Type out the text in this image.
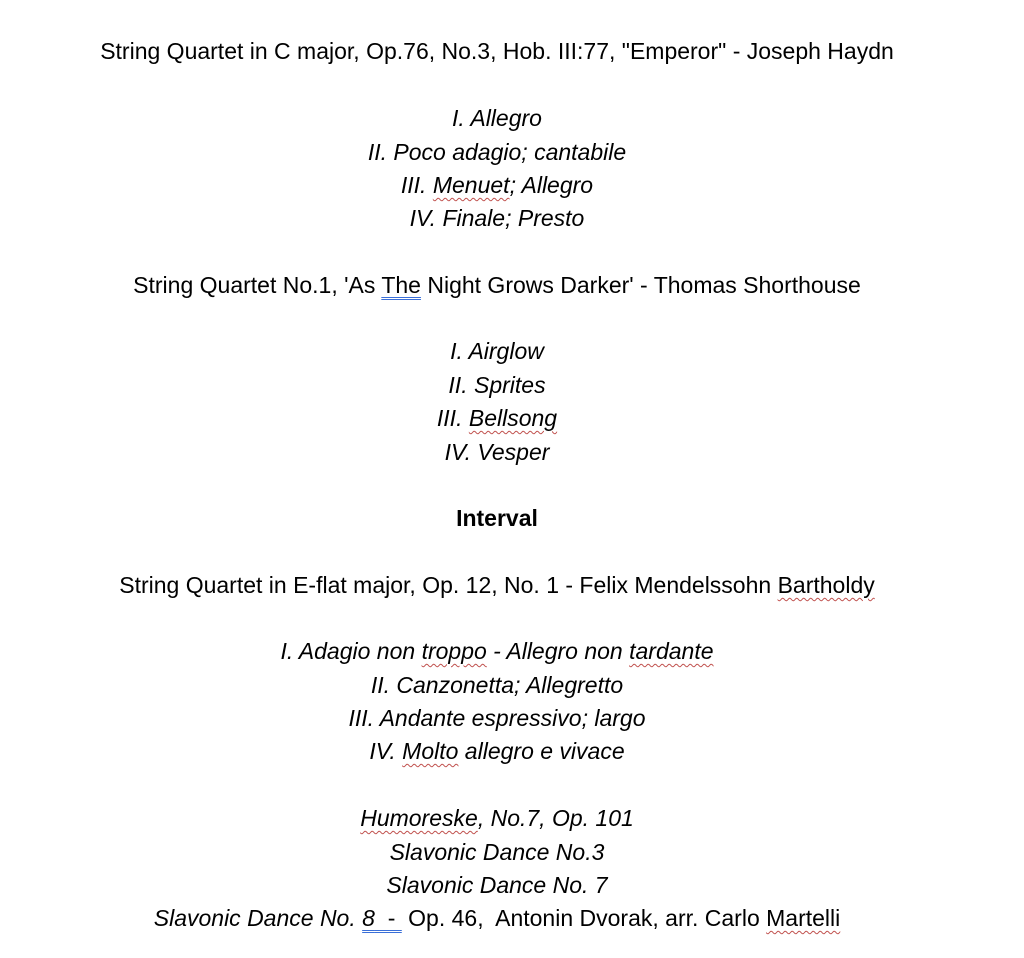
String Quartet in C major, Op.76, No.3, Hob. III:77, "Emperor" - Joseph Haydn
I. Allegro
II. Poco adagio; cantabile
III. Menuet; Allegro
IV. Finale; Presto
String Quartet No.1, 'As The Night Grows Darker' - Thomas Shorthouse
I. Airglow
II. Sprites
III. Bellsong
IV. Vesper
Interval
String Quartet in E-flat major, Op. 12, No. 1 - Felix Mendelssohn Bartholdy
I. Adagio non troppo - Allegro non tardante
II. Canzonetta; Allegretto
III. Andante espressivo; largo
IV. Molto allegro e vivace
Humoreske, No.7, Op. 101
Slavonic Dance No.3
Slavonic Dance No. 7
Slavonic Dance No. 8  -  Op. 46,  Antonin Dvorak, arr. Carlo Martelli
